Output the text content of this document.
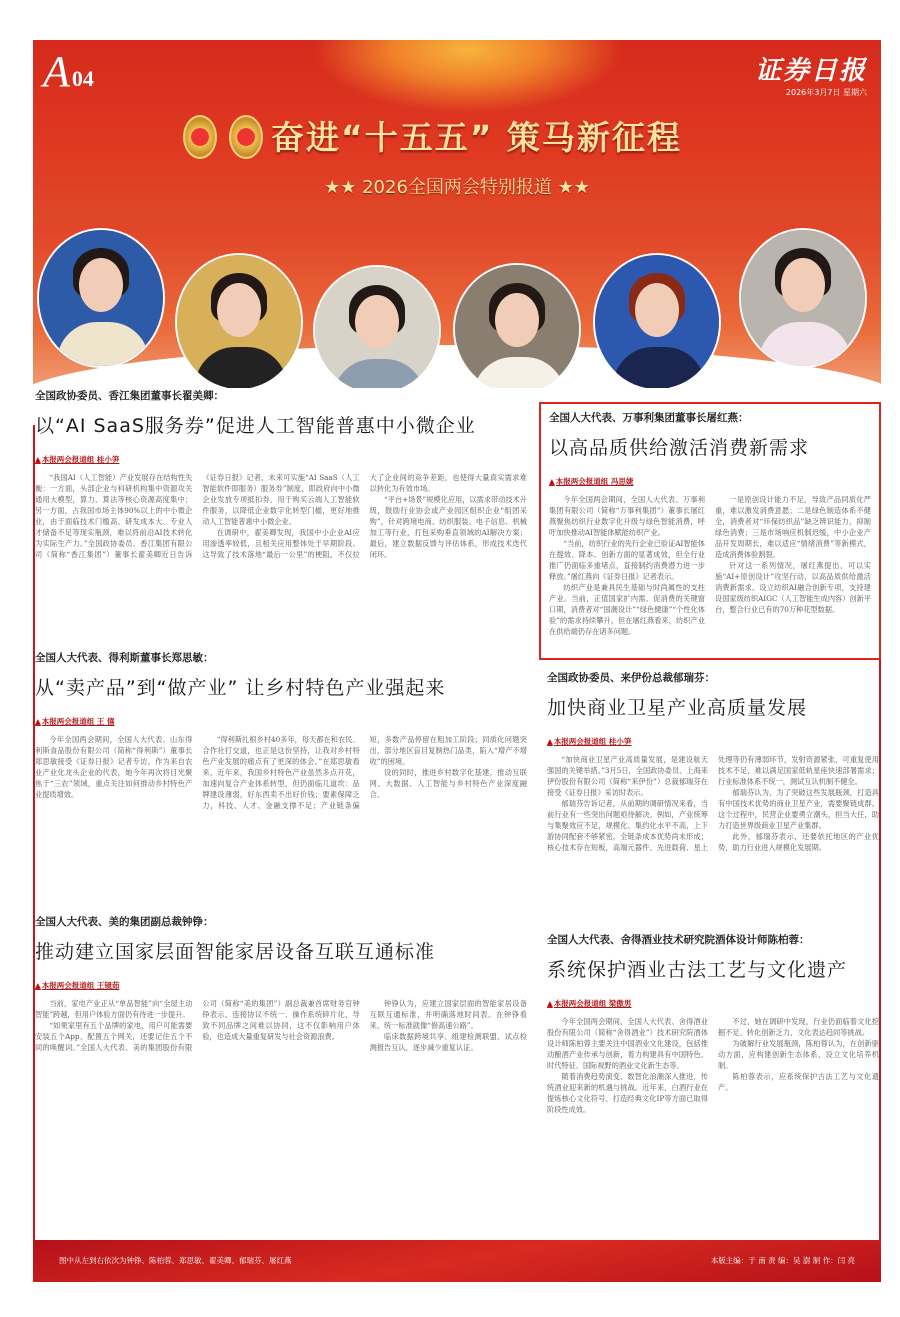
A04	证券日报
2026年3月7日 星期六
奋进“十五五” 策马新征程
★★ 2026全国两会特别报道 ★★
全国政协委员、香江集团董事长翟美卿：
以“AI SaaS服务券”促进人工智能普惠中小微企业
▲ 本报两会报道组 桂小笋

“我国AI（人工智能）产业发展存在结构性失衡：一方面，头部企业与科研机构集中资源攻关通用大模型，算力、算法等核心资源高度集中；另一方面，占我国市场主体90%以上的中小微企业，由于面临技术门槛高、研发成本大、专业人才储备不足等现实瓶颈，难以将前沿AI技术转化为实际生产力。”全国政协委员、香江集团有限公司（简称“香江集团”）董事长翟美卿近日告诉《证券日报》记者，未来可实施“AI SaaS（人工智能软件即服务）服务券”制度，即政府向中小微企业发放专项抵扣券，用于购买云端人工智能软件服务，以降低企业数字化转型门槛，更好地推动人工智能普惠中小微企业。

在调研中，翟美卿发现，我国中小企业AI应用渗透率较低，且相关应用整体处于早期阶段。这导致了技术落地“最后一公里”的梗阻，不仅拉大了企业间的竞争差距，也使得大量真实需求难以转化为有效市场。

“平台+场景”规模化应用，以需求带动技术升级，鼓励行业协会或产业园区组织企业“组团采购”，针对跨境电商、纺织服装、电子信息、机械加工等行业，打包采购垂直领域的AI解决方案；最后，建立数据反馈与评估体系，形成技术迭代闭环。

全国人大代表、万事利集团董事长屠红燕：
以高品质供给激活消费新需求
▲ 本报两会报道组 冯思婕

今年全国两会期间，全国人大代表、万事利集团有限公司（简称“万事利集团”）董事长屠红燕聚焦纺织行业数字化升级与绿色智能消费，呼吁加快推动AI智能体赋能纺织产业。

“当前，纺织行业的先行企业已验证AI智能体在提效、降本、创新方面的显著成效，但全行业推广仍面临多重堵点，直接制约消费潜力进一步释放。”屠红燕向《证券日报》记者表示。

纺织产业是兼具民生基础与时尚属性的支柱产业。当前，正值国家扩内需、促消费的关键窗口期，消费者对“国潮设计”“绿色健康”“个性化体验”的需求持续攀升。但在屠红燕看来，纺织产业在供给端仍存在诸多问题。

一是原创设计能力不足，导致产品同质化严重，难以激发消费意愿；二是绿色制造体系不健全，消费者对“环保纺织品”缺乏辨识能力，抑制绿色消费；三是市场响应机制迟缓，中小企业产品开发周期长，难以适应“情绪消费”等新模式，造成消费体验割裂。

针对这一系列情况，屠红燕提出，可以实施“AI+原创设计”攻坚行动，以高品质供给激活消费新需求。设立纺织AI融合创新专项，支持建设国家级纺织AIGC（人工智能生成内容）创新平台，整合行业已有的70万种花型数据。

全国人大代表、得利斯董事长郑思敏：
从“卖产品”到“做产业” 让乡村特色产业强起来
▲ 本报两会报道组 王 僖

今年全国两会期间，全国人大代表、山东得利斯食品股份有限公司（简称“得利斯”）董事长郑思敏接受《证券日报》记者专访。作为来自农业产业化龙头企业的代表，她今年再次将目光聚焦于“三农”领域，重点关注如何推动乡村特色产业提质增效。

“得利斯扎根乡村40多年，每天都在和农民、合作社打交道，也正是这份坚持，让我对乡村特色产业发展的痛点有了更深的体会。”在郑思敏看来，近年来，我国乡村特色产业虽然多点开花，加速向复合产业体系转型，但仍面临几道坎：品牌建设薄弱，好东西卖不出好价钱；要素保障乏力，科技、人才、金融支撑不足；产业链条偏短，多数产品停留在粗加工阶段；同质化问题突出，部分地区盲目复制热门品类，陷入“增产不增收”的困境。

设的同时，推进乡村数字化基建，推动互联网、大数据、人工智能与乡村特色产业深度融合。

全国政协委员、来伊份总裁郁瑞芬：
加快商业卫星产业高质量发展
▲ 本报两会报道组 桂小笋

“加快商业卫星产业高质量发展，是建设航天强国的关键举措。”3月5日，全国政协委员、上海来伊份股份有限公司（简称“来伊份”）总裁郁瑞芬在接受《证券日报》采访时表示。

郁瑞芬告诉记者，从前期的调研情况来看，当前行业有一些突出问题亟待解决。例如，产业统筹与集聚效应不足，规模化、集约化水平不高，上下游协同配套不够紧密，全链条成本优势尚未形成；核心技术存在短板，高端元器件、先进载荷、星上处理等仍有薄弱环节，发射资源紧张、可重复使用技术不足，难以满足国家低轨星座快速部署需求；行业标准体系不统一，测试互认机制不健全。

郁瑞芬认为，为了突破这些发展瓶颈，打造具有中国技术优势的商业卫星产业，需要聚链成群。这个过程中，民营企业要勇立潮头，担当大任，助力打造世界级商业卫星产业集群。

此外，郁瑞芬表示，还要依托地区的产业优势，助力行业进入规模化发展期。

全国人大代表、美的集团副总裁钟铮：
推动建立国家层面智能家居设备互联互通标准
▲ 本报两会报道组 王镜茹

当前，家电产业正从“单品智能”向“全屋主动智能”跨越，但用户体验方面仍有待进一步提升。

“如果家里有五个品牌的家电，用户可能需要安装五个App、配置五个网关，还要记住五个不同的唤醒词。”全国人大代表、美的集团股份有限公司（简称“美的集团”）副总裁兼首席财务官钟铮表示，连接协议不统一、操作系统碎片化，导致不同品牌之间难以协同，这不仅影响用户体验，也造成大量重复研发与社会资源浪费。

钟铮认为，应建立国家层面的智能家居设备互联互通标准，并明确落地时间表。在钟铮看来，统一标准就像“修高速公路”。

临床数据跨境共享、组建检测联盟、试点检测报告互认，逐步减少重复认证。

全国人大代表、舍得酒业技术研究院酒体设计师陈柏蓉：
系统保护酒业古法工艺与文化遗产
▲ 本报两会报道组 梁傲男

今年全国两会期间，全国人大代表、舍得酒业股份有限公司（简称“舍得酒业”）技术研究院酒体设计师陈柏蓉主要关注中国酒业文化建设，包括推动酿酒产业传承与创新，着力构建具有中国特色、时代特征、国际视野的酒业文化新生态等。

随着消费趋势演变、数智化浪潮深入推进，传统酒业迎来新的机遇与挑战。近年来，白酒行业在提炼核心文化符号、打造经典文化IP等方面已取得阶段性成效。

不过，她在调研中发现，行业仍面临着文化挖掘不足、转化创新乏力、文化表达趋同等挑战。

为破解行业发展瓶颈，陈柏蓉认为，在创新驱动方面，应构建创新生态体系，设立文化培养机制。

陈柏蓉表示，应系统保护古法工艺与文化遗产。

图中从左到右依次为钟铮、陈柏蓉、郑思敏、翟美卿、郁瑞芬、屠红燕	本版主编：于 南 责 编：吴 澍 制 作：闫 亮
